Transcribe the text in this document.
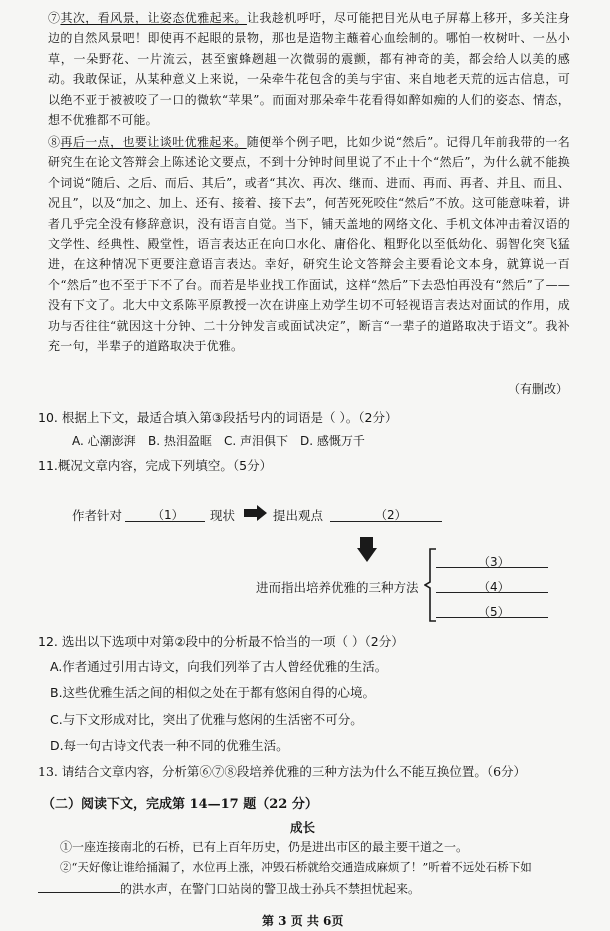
⑦其次，看风景，让姿态优雅起来。让我趁机呼吁，尽可能把目光从电子屏幕上移开，多关注身边的自然风景吧！即使再不起眼的景物，那也是造物主蘸着心血绘制的。哪怕一枚树叶、一丛小草，一朵野花、一片流云，甚至蜜蜂趔趄一次微弱的震颤，都有神奇的美，都会给人以美的感动。我敢保证，从某种意义上来说，一朵牵牛花包含的美与宇宙、来自地老天荒的远古信息，可以绝不亚于被被咬了一口的微软“苹果”。而面对那朵牵牛花看得如醉如痴的人们的姿态、情态，想不优雅都不可能。

⑧再后一点，也要让谈吐优雅起来。随便举个例子吧，比如少说“然后”。记得几年前我带的一名研究生在论文答辩会上陈述论文要点，不到十分钟时间里说了不止十个“然后”，为什么就不能换个词说“随后、之后、而后、其后”，或者“其次、再次、继而、进而、再而、再者、并且、而且、况且”，以及“加之、加上、还有、接着、接下去”，何苦死死咬住“然后”不放。这可能意味着，讲者几乎完全没有修辞意识，没有语言自觉。当下，铺天盖地的网络文化、手机文体冲击着汉语的文学性、经典性、殿堂性，语言表达正在向口水化、庸俗化、粗野化以至低幼化、弱智化突飞猛进，在这种情况下更要注意语言表达。幸好，研究生论文答辩会主要看论文本身，就算说一百个“然后”也不至于下不了台。而若是毕业找工作面试，这样“然后”下去恐怕再没有“然后”了——没有下文了。北大中文系陈平原教授一次在讲座上劝学生切不可轻视语言表达对面试的作用，成功与否往往“就因这十分钟、二十分钟发言或面试决定”，断言“一辈子的道路取决于语文”。我补充一句，半辈子的道路取决于优雅。

（有删改）
10. 根据上下文，最适合填入第③段括号内的词语是（ ）。（2分）
A. 心潮澎湃 B. 热泪盈眶 C. 声泪俱下 D. 感慨万千
11.概况文章内容，完成下列填空。（5分）
作者针对 （1） 现状	提出观点	（2）
进而指出培养优雅的三种方法
（3）
（4）
（5）
12. 选出以下选项中对第②段中的分析最不恰当的一项（ ）（2分）
A.作者通过引用古诗文，向我们列举了古人曾经优雅的生活。
B.这些优雅生活之间的相似之处在于都有悠闲自得的心境。
C.与下文形成对比，突出了优雅与悠闲的生活密不可分。
D.每一句古诗文代表一种不同的优雅生活。
13. 请结合文章内容，分析第⑥⑦⑧段培养优雅的三种方法为什么不能互换位置。（6分）
（二）阅读下文，完成第 14—17 题（22 分）
成长
①一座连接南北的石桥，已有上百年历史，仍是进出市区的最主要干道之一。
②“天好像让谁给捅漏了，水位再上涨，冲毁石桥就给交通造成麻烦了！”听着不远处石桥下如
的洪水声，在警门口站岗的警卫战士孙兵不禁担忧起来。
第 3 页 共 6页
